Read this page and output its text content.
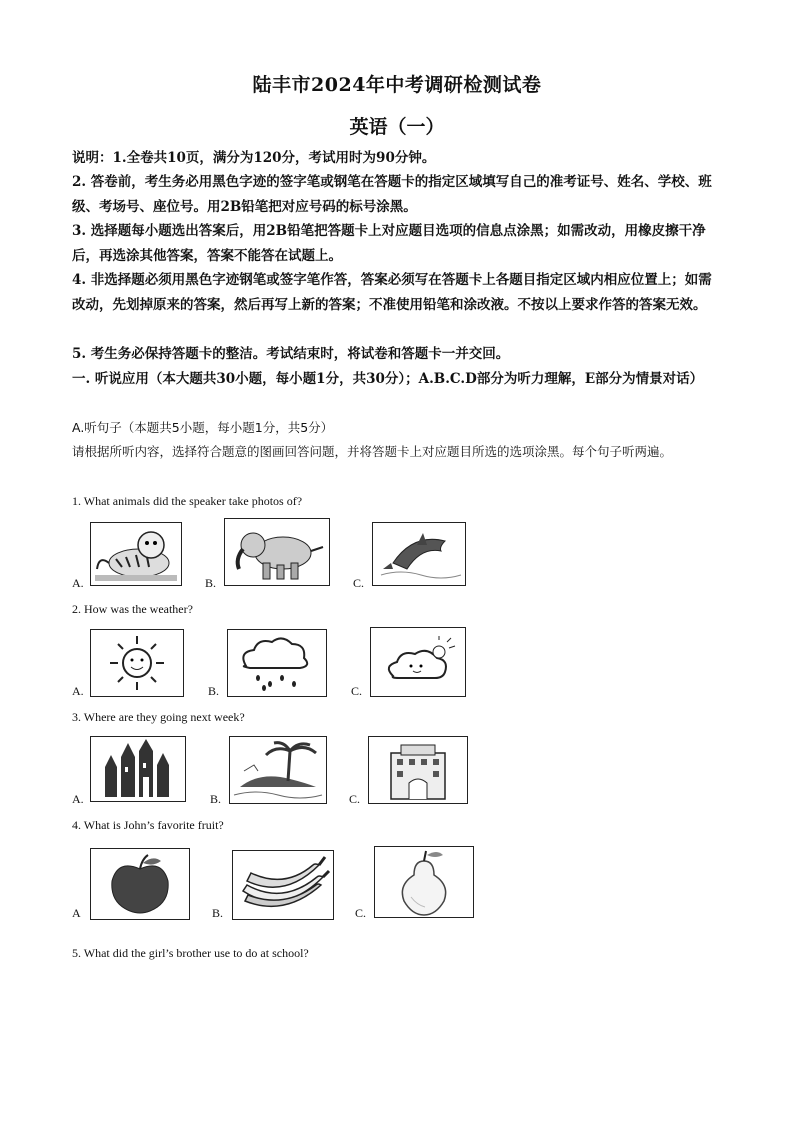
陆丰市2024年中考调研检测试卷
英语（一）

说明：1.全卷共10页，满分为120分，考试用时为90分钟。

2. 答卷前，考生务必用黑色字迹的签字笔或钢笔在答题卡的指定区域填写自己的准考证号、姓名、学校、班级、考场号、座位号。用2B铅笔把对应号码的标号涂黑。

3. 选择题每小题选出答案后，用2B铅笔把答题卡上对应题目选项的信息点涂黑；如需改动，用橡皮擦干净后，再选涂其他答案，答案不能答在试题上。

4. 非选择题必须用黑色字迹钢笔或签字笔作答，答案必须写在答题卡上各题目指定区域内相应位置上；如需改动，先划掉原来的答案，然后再写上新的答案；不准使用铅笔和涂改液。不按以上要求作答的答案无效。

5. 考生务必保持答题卡的整洁。考试结束时，将试卷和答题卡一并交回。

一. 听说应用（本大题共30小题，每小题1分，共30分）；A.B.C.D部分为听力理解，E部分为情景对话）

A.听句子（本题共5小题，每小题1分，共5分）

请根据所听内容，选择符合题意的图画回答问题，并将答题卡上对应题目所选的选项涂黑。每个句子听两遍。

1. What animals did the speaker take photos of?
A.	B.	C.
2. How was the weather?
A.	B.	C.
3. Where are they going next week?
A.	B.	C.
4. What is John’s favorite fruit?
A	B.	C.
5. What did the girl’s brother use to do at school?
